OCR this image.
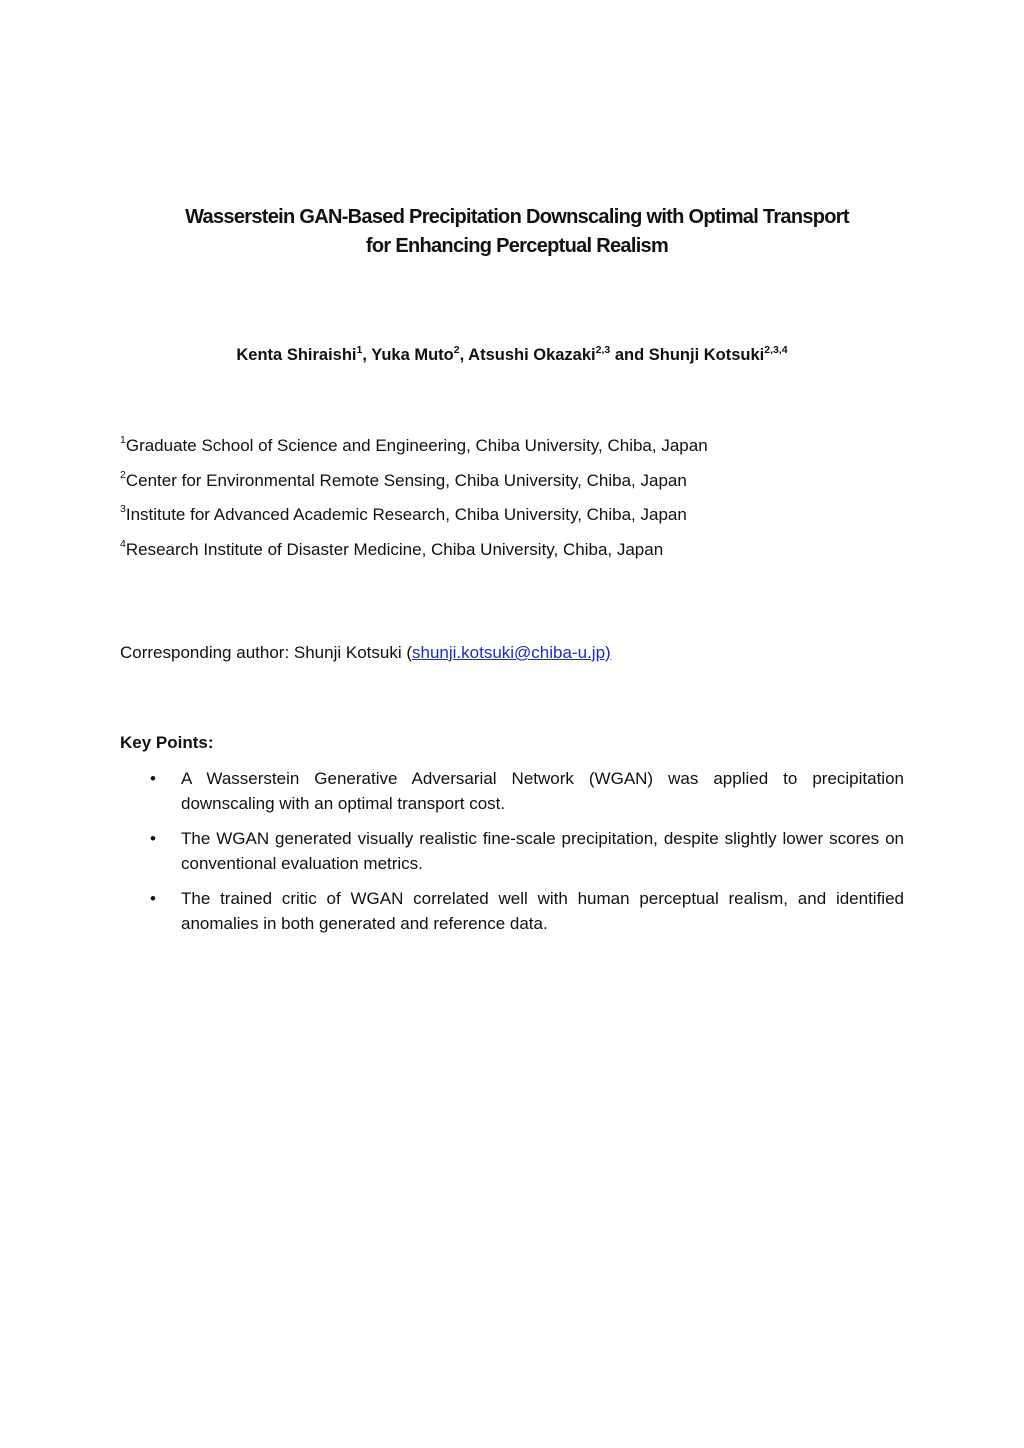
Wasserstein GAN-Based Precipitation Downscaling with Optimal Transport
for Enhancing Perceptual Realism
Kenta Shiraishi$^1$, Yuka Muto$^2$, Atsushi Okazaki$^{2,3}$ and Shunji Kotsuki$^{2,3,4}$
$^1$Graduate School of Science and Engineering, Chiba University, Chiba, Japan
$^2$Center for Environmental Remote Sensing, Chiba University, Chiba, Japan
$^3$Institute for Advanced Academic Research, Chiba University, Chiba, Japan
$^4$Research Institute of Disaster Medicine, Chiba University, Chiba, Japan
Corresponding author: Shunji Kotsuki (shunji.kotsuki@chiba-u.jp)
Key Points:
• A Wasserstein Generative Adversarial Network (WGAN) was applied to precipitation downscaling with an optimal transport cost.
• The WGAN generated visually realistic fine-scale precipitation, despite slightly lower scores on conventional evaluation metrics.
• The trained critic of WGAN correlated well with human perceptual realism, and identified anomalies in both generated and reference data.
